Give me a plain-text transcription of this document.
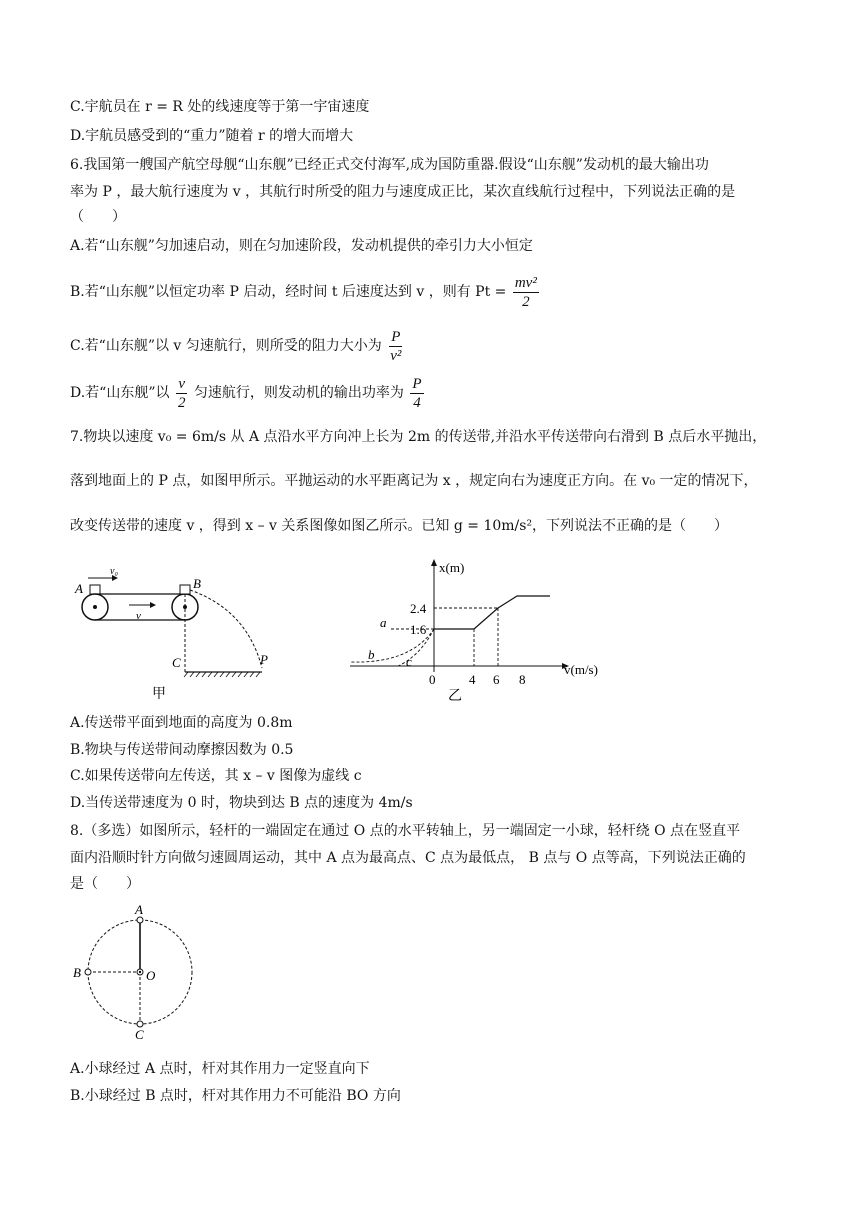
C.宇航员在 r = R 处的线速度等于第一宇宙速度
D.宇航员感受到的“重力”随着 r 的增大而增大
6.我国第一艘国产航空母舰“山东舰”已经正式交付海军,成为国防重器.假设“山东舰”发动机的最大输出功
率为 P ，最大航行速度为 v ，其航行时所受的阻力与速度成正比，某次直线航行过程中，下列说法正确的是
（　　）
A.若“山东舰”匀加速启动，则在匀加速阶段，发动机提供的牵引力大小恒定
B.若“山东舰”以恒定功率 P 启动，经时间 t 后速度达到 v ，则有 $Pt = \frac{\text{mv²}}{2}$
C.若“山东舰”以 v 匀速航行，则所受的阻力大小为 $\frac{P}{\text{v²}}$
D.若“山东舰”以 $\frac{v}{2}$ 匀速航行，则发动机的输出功率为 $\frac{P}{4}$
7.物块以速度 v₀ = 6m/s 从 A 点沿水平方向冲上长为 2m 的传送带,并沿水平传送带向右滑到 B 点后水平抛出，
落到地面上的 P 点，如图甲所示。平抛运动的水平距离记为 x ，规定向右为速度正方向。在 v₀ 一定的情况下，
改变传送带的速度 v ，得到 x – v 关系图像如图乙所示。已知 g = 10m/s²，下列说法不正确的是（　　）
v₀
A
v
B
C	P
甲
x(m)
v(m/s)
0	4 6 8
2.4
1.6
a
b c
乙
A.传送带平面到地面的高度为 0.8m
B.物块与传送带间动摩擦因数为 0.5
C.如果传送带向左传送，其 x – v 图像为虚线 c
D.当传送带速度为 0 时，物块到达 B 点的速度为 4m/s
8.（多选）如图所示，轻杆的一端固定在通过 O 点的水平转轴上，另一端固定一小球，轻杆绕 O 点在竖直平
面内沿顺时针方向做匀速圆周运动，其中 A 点为最高点、C 点为最低点， B 点与 O 点等高，下列说法正确的
是（　　）
A
B
C
O
A.小球经过 A 点时，杆对其作用力一定竖直向下
B.小球经过 B 点时，杆对其作用力不可能沿 BO 方向
